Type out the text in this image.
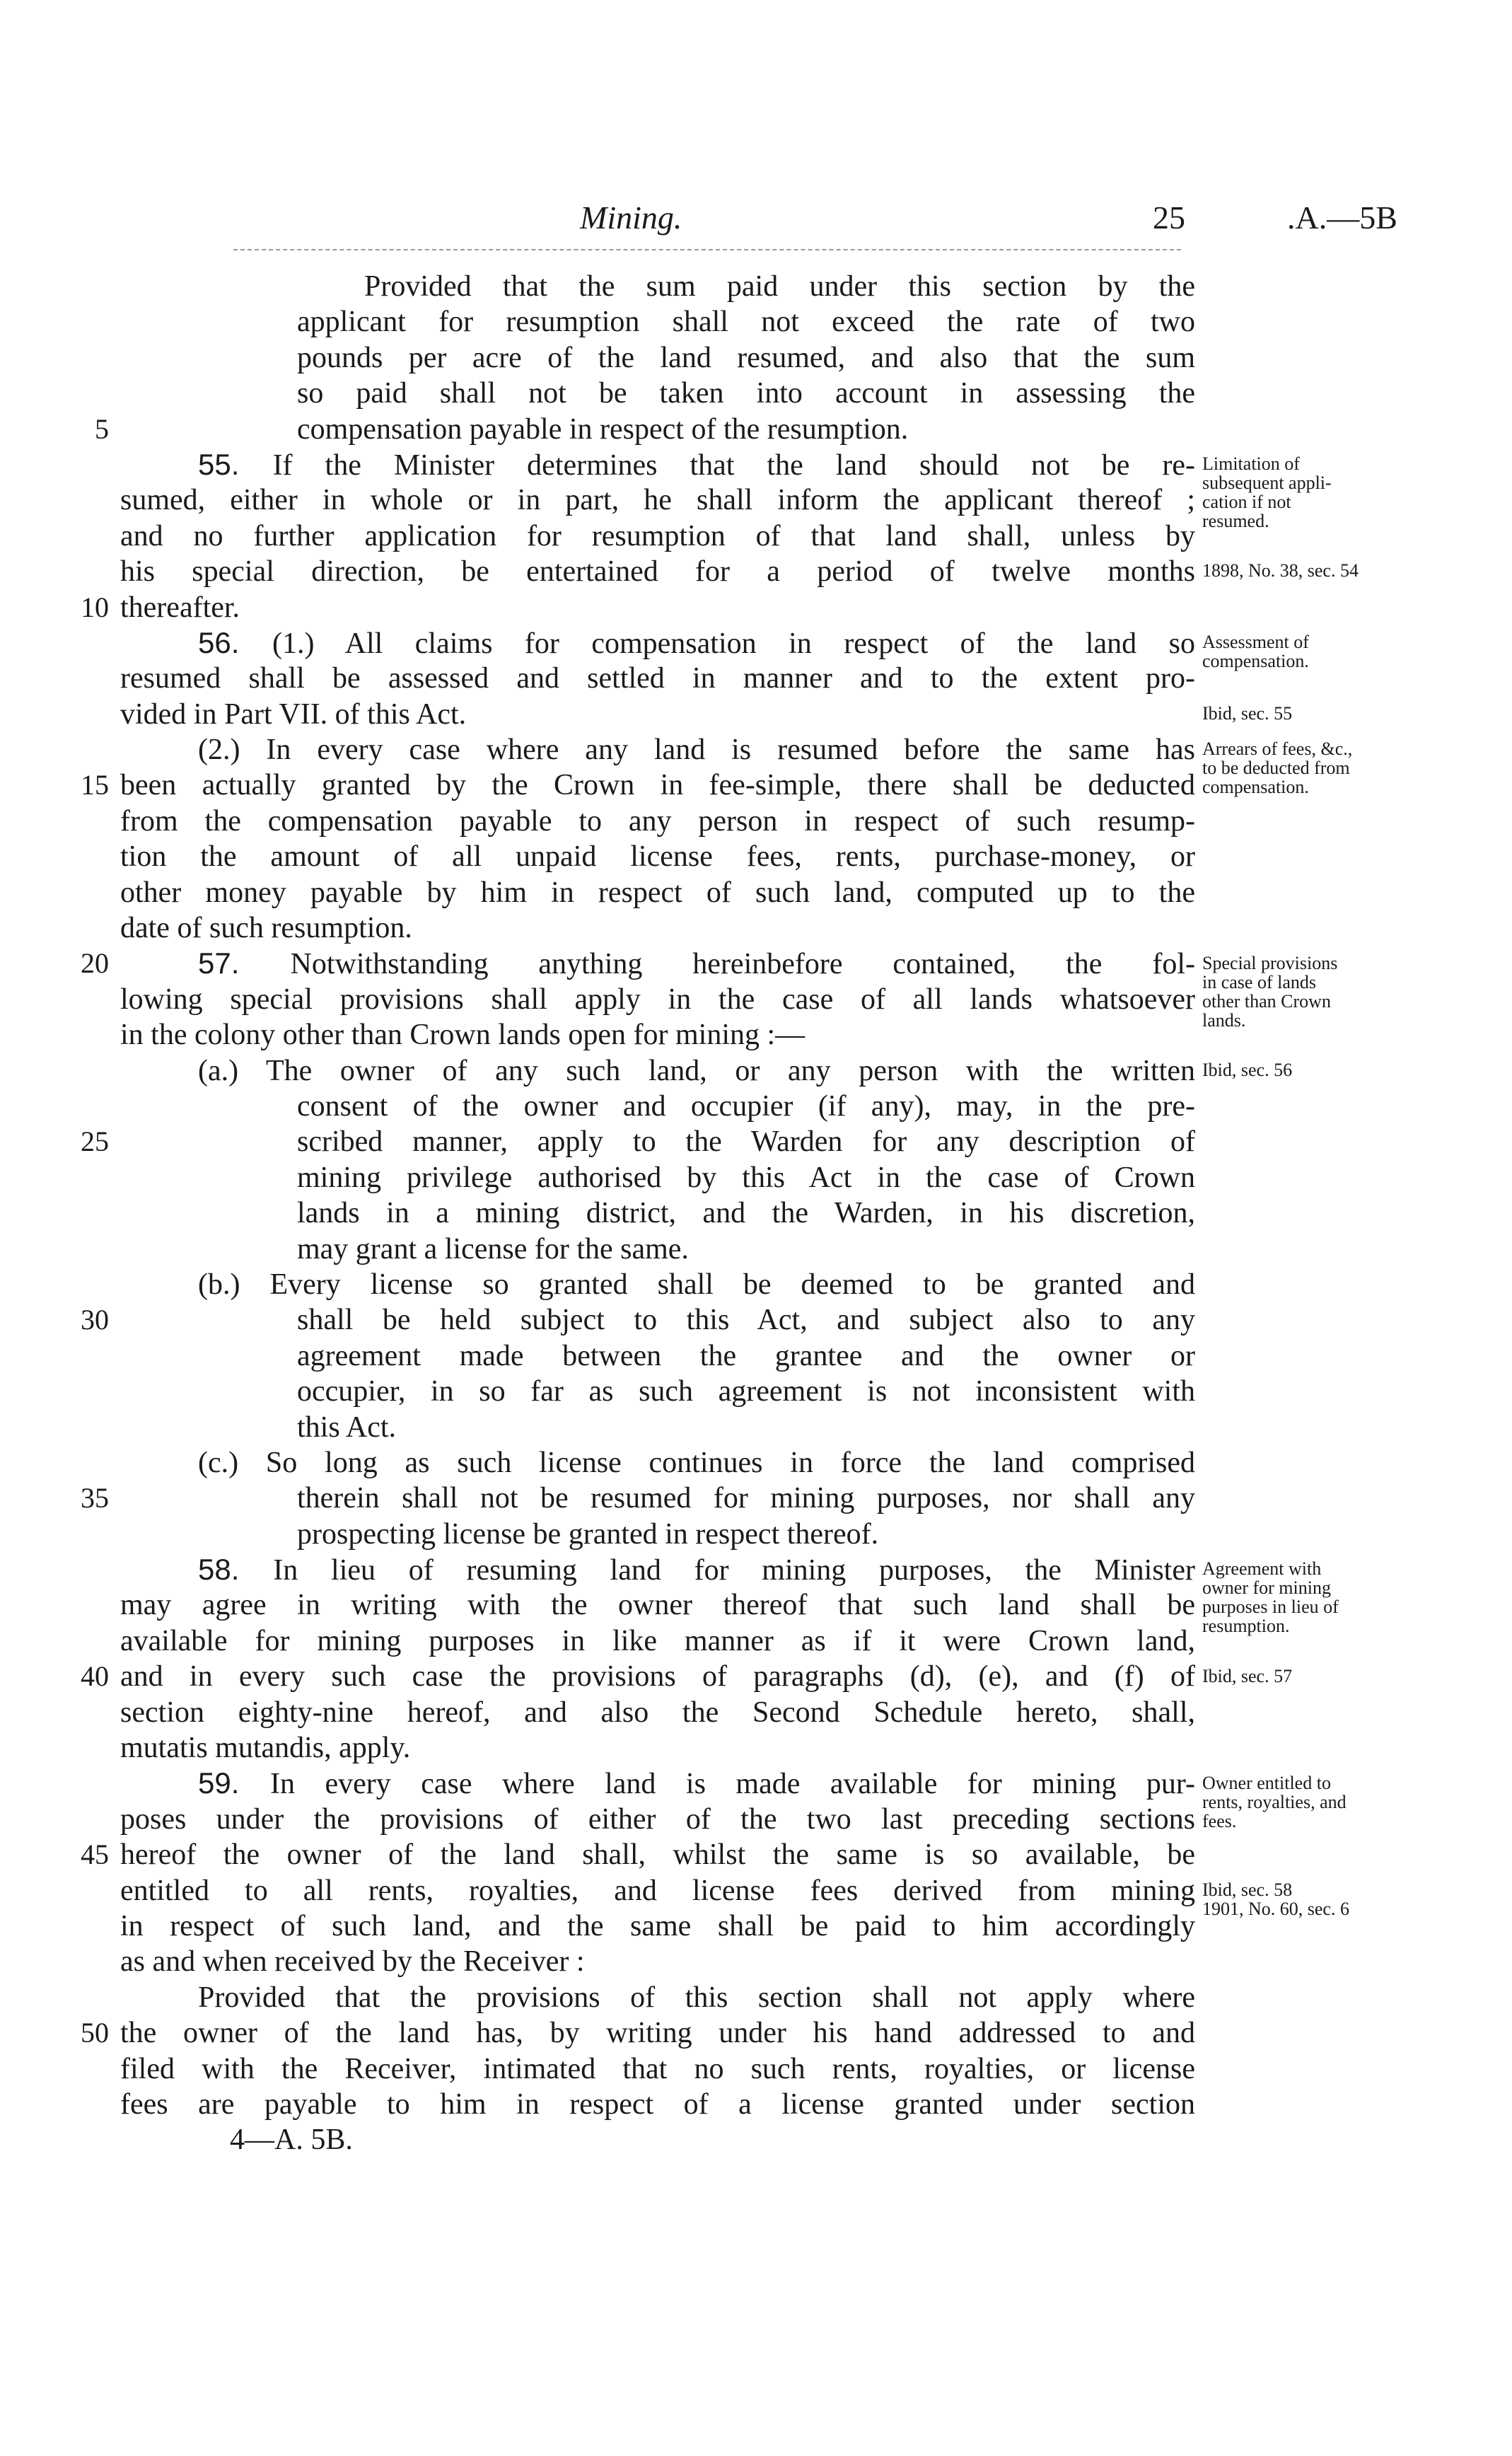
Mining.	25	.A.—5B
Provided that the sum paid under this section by the
applicant for resumption shall not exceed the rate of two
pounds per acre of the land resumed, and also that the sum
so paid shall not be taken into account in assessing the
5	compensation payable in respect of the resumption.
55. If the Minister determines that the land should not be re-
sumed, either in whole or in part, he shall inform the applicant thereof ;
and no further application for resumption of that land shall, unless by
his special direction, be entertained for a period of twelve months
10 thereafter.
56. (1.) All claims for compensation in respect of the land so
resumed shall be assessed and settled in manner and to the extent pro-
vided in Part VII. of this Act.
(2.) In every case where any land is resumed before the same has
15 been actually granted by the Crown in fee-simple, there shall be deducted
from the compensation payable to any person in respect of such resump-
tion the amount of all unpaid license fees, rents, purchase-money, or
other money payable by him in respect of such land, computed up to the
date of such resumption.
20	57. Notwithstanding anything hereinbefore contained, the fol-
lowing special provisions shall apply in the case of all lands whatsoever
in the colony other than Crown lands open for mining :—
(a.) The owner of any such land, or any person with the written
consent of the owner and occupier (if any), may, in the pre-
25	scribed manner, apply to the Warden for any description of
mining privilege authorised by this Act in the case of Crown
lands in a mining district, and the Warden, in his discretion,
may grant a license for the same.
(b.) Every license so granted shall be deemed to be granted and
30	shall be held subject to this Act, and subject also to any
agreement made between the grantee and the owner or
occupier, in so far as such agreement is not inconsistent with
this Act.
(c.) So long as such license continues in force the land comprised
35	therein shall not be resumed for mining purposes, nor shall any
prospecting license be granted in respect thereof.
58. In lieu of resuming land for mining purposes, the Minister
may agree in writing with the owner thereof that such land shall be
available for mining purposes in like manner as if it were Crown land,
40 and in every such case the provisions of paragraphs (d), (e), and (f) of
section eighty-nine hereof, and also the Second Schedule hereto, shall,
mutatis mutandis, apply.
59. In every case where land is made available for mining pur-
poses under the provisions of either of the two last preceding sections
45 hereof the owner of the land shall, whilst the same is so available, be
entitled to all rents, royalties, and license fees derived from mining
in respect of such land, and the same shall be paid to him accordingly
as and when received by the Receiver :
Provided that the provisions of this section shall not apply where
50 the owner of the land has, by writing under his hand addressed to and
filed with the Receiver, intimated that no such rents, royalties, or license
fees are payable to him in respect of a license granted under section
4—A. 5B.
Limitation of
subsequent appli-
cation if not
resumed.
1898, No. 38, sec. 54
Assessment of
compensation.
Ibid, sec. 55
Arrears of fees, &c.,
to be deducted from
compensation.
Special provisions
in case of lands
other than Crown
lands.
Ibid, sec. 56
Agreement with
owner for mining
purposes in lieu of
resumption.
Ibid, sec. 57
Owner entitled to
rents, royalties, and
fees.
Ibid, sec. 58
1901, No. 60, sec. 6
